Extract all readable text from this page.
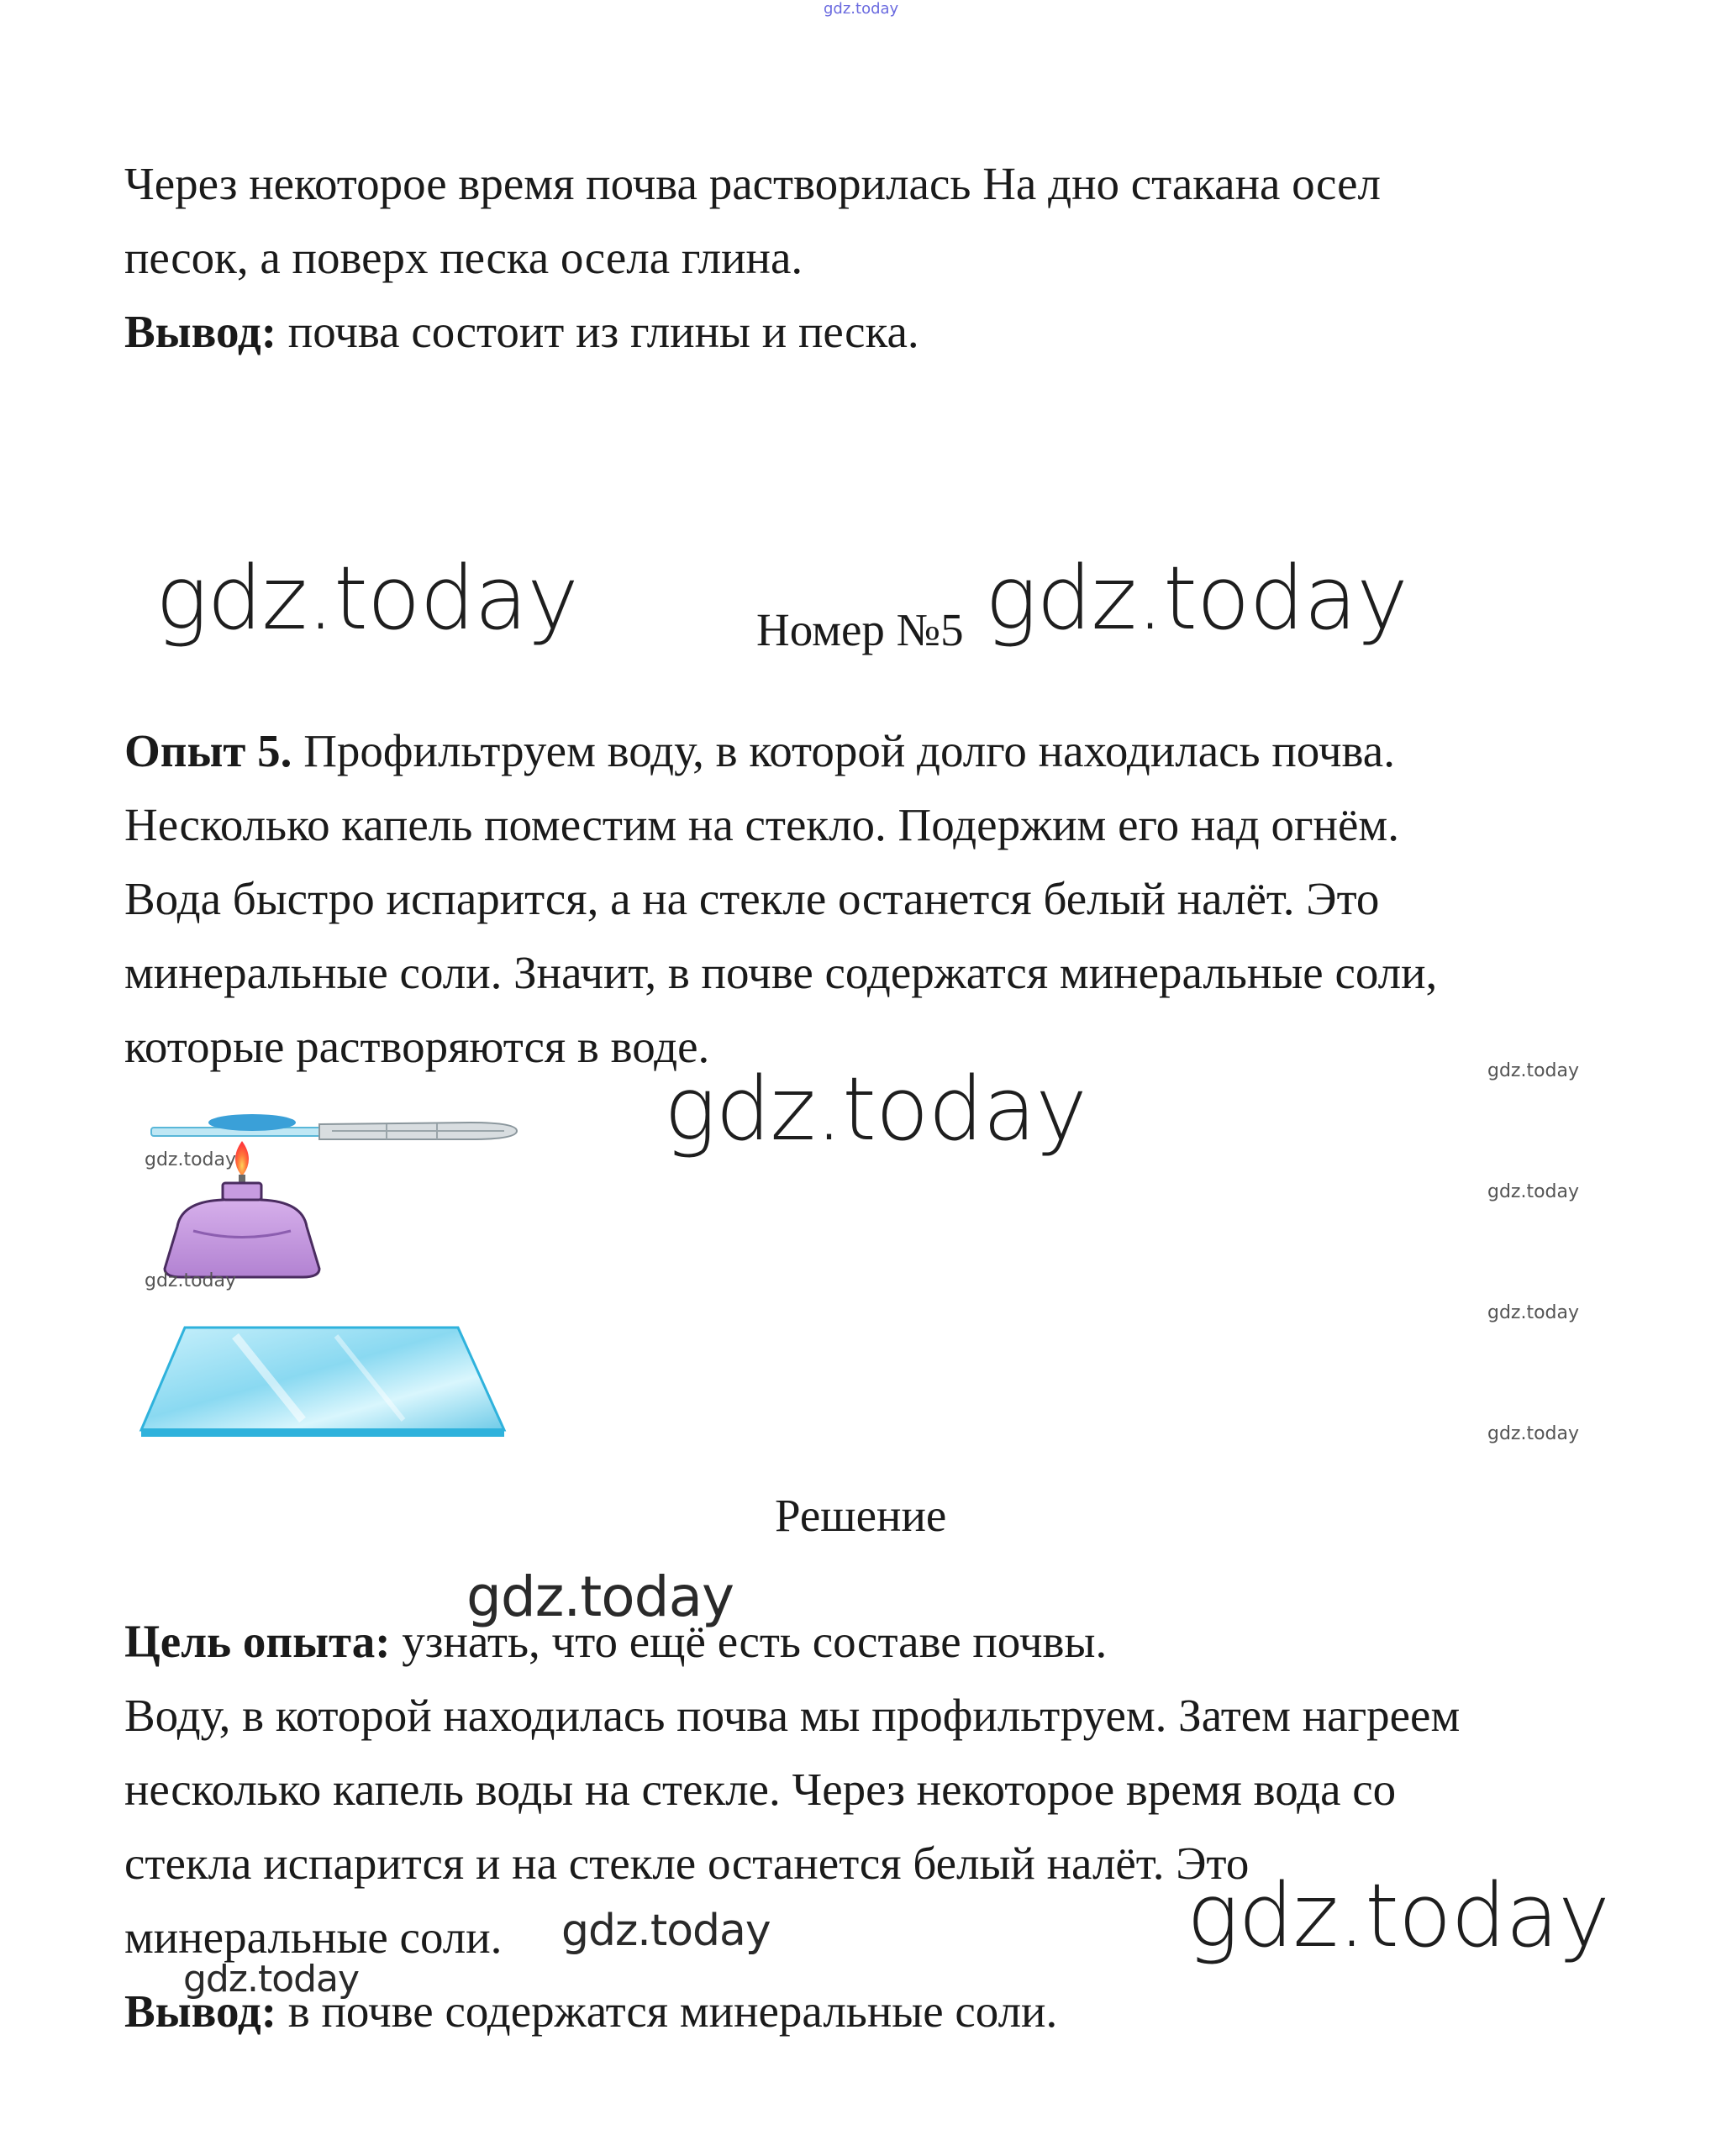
gdz.today
Через некоторое время почва растворилась На дно стакана осел
песок, а поверх песка осела глина.
Вывод: почва состоит из глины и песка.
gdz.today	Номер №5 gdz.today
Опыт 5. Профильтруем воду, в которой долго находилась почва.
Несколько капель поместим на стекло. Подержим его над огнём.
Вода быстро испарится, а на стекле останется белый налёт. Это
минеральные соли. Значит, в почве содержатся минеральные соли,
которые растворяются в воде.
gdz.today	gdz.today
gdz.today
gdz.today
gdz.today
gdz.today
gdz.today
Решение
gdz.today
Цель опыта: узнать, что ещё есть составе почвы.
Воду, в которой находилась почва мы профильтруем. Затем нагреем
несколько капель воды на стекле. Через некоторое время вода со
стекла испарится и на стекле останется белый налёт. Это
минеральные соли.
Вывод: в почве содержатся минеральные соли.
gdz.today	gdz.today
gdz.today
